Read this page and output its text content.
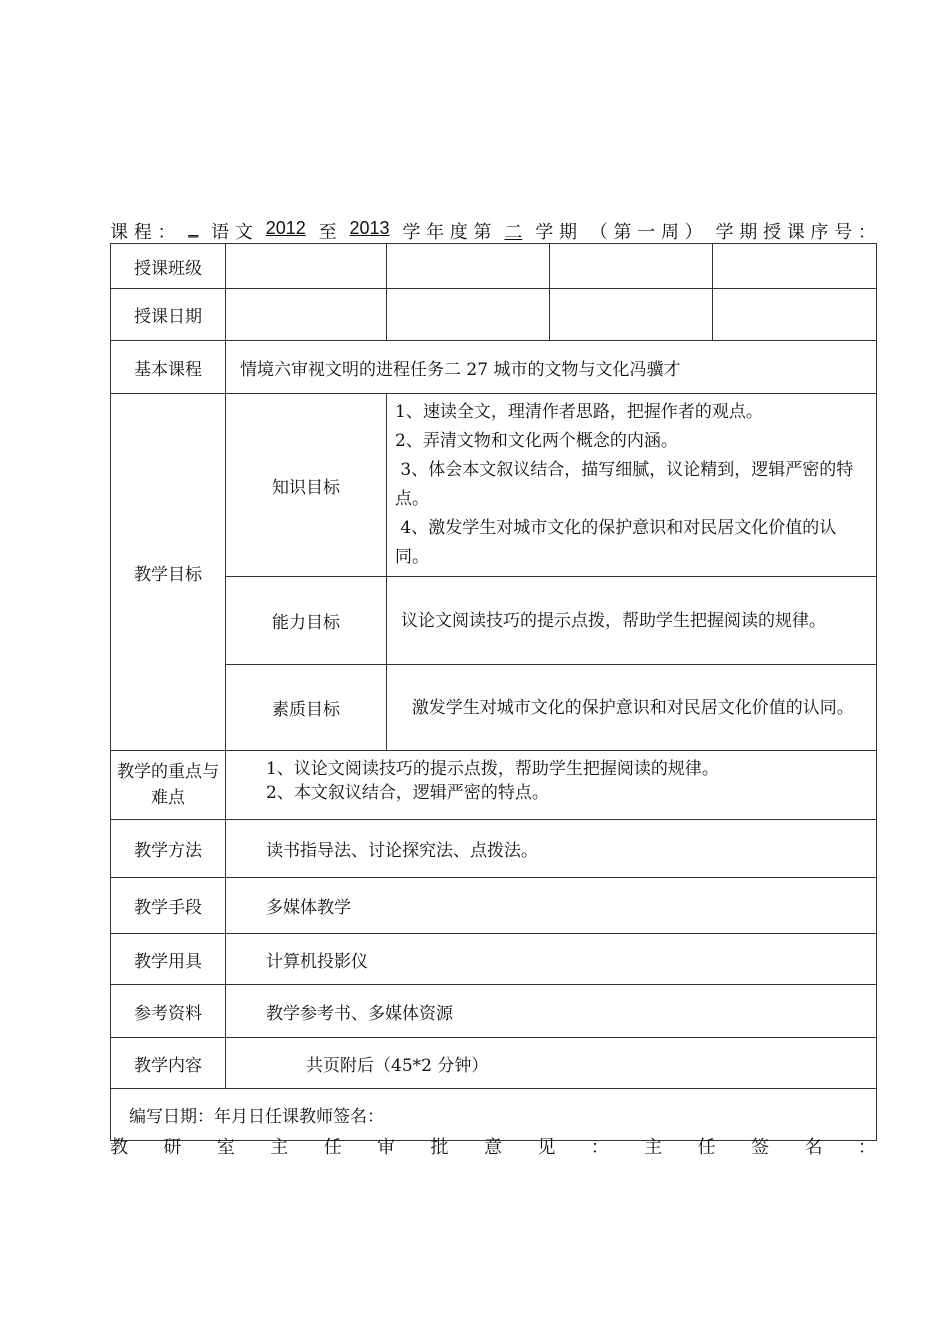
课 程 ： _ 语 文 2012 至 2013 学 年 度 第 二 学 期 （ 第 一 周 ） 学 期 授 课 序 号 ：
授课班级				
授课日期				
基本课程	情境六审视文明的进程任务二 27 城市的文物与文化冯骥才			
教学目标	知识目标	1、速读全文，理清作者思路，把握作者的观点。
2、弄清文物和文化两个概念的内涵。
3、体会本文叙议结合，描写细腻，议论精到，逻辑严密的特点。
4、激发学生对城市文化的保护意识和对民居文化价值的认同。		

	能力目标	议论文阅读技巧的提示点拨，帮助学生把握阅读的规律。		
	素质目标	激发学生对城市文化的保护意识和对民居文化价值的认同。		
教学的重点与难点	1、议论文阅读技巧的提示点拨，帮助学生把握阅读的规律。
2、本文叙议结合，逻辑严密的特点。			

教学方法	读书指导法、讨论探究法、点拨法。			
教学手段	多媒体教学			
教学用具	计算机投影仪			
参考资料	教学参考书、多媒体资源			
教学内容	共页附后（45*2 分钟）			
编写日期：年月日任课教师签名：				
教 研 室 主 任 审 批 意 见 ： 主 任 签 名 ：
